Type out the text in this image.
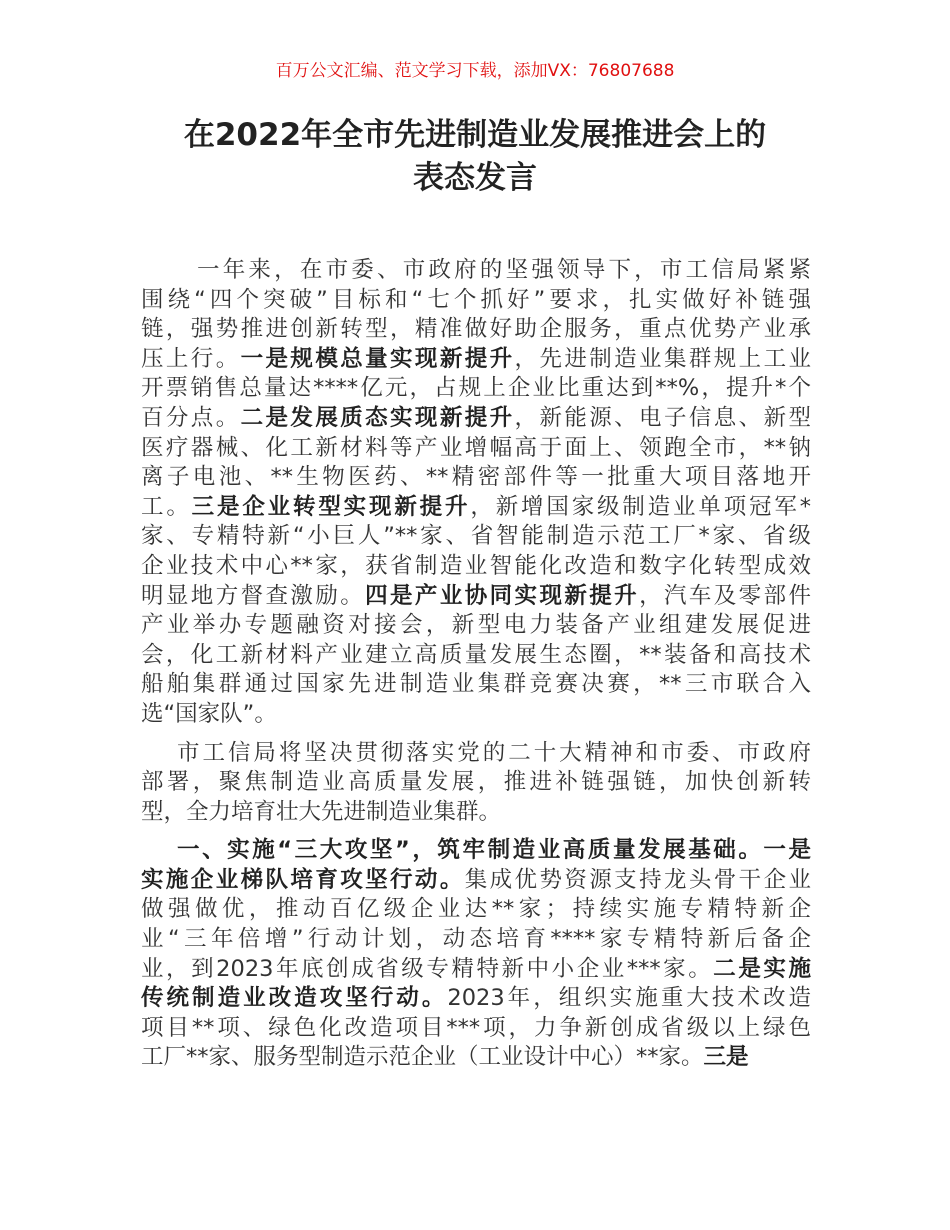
百万公文汇编、范文学习下载，添加VX：76807688
在2022年全市先进制造业发展推进会上的
表态发言
一年来，在市委、市政府的坚强领导下，市工信局紧紧
围绕“四个突破”目标和“七个抓好”要求，扎实做好补链强
链，强势推进创新转型，精准做好助企服务，重点优势产业承
压上行。一是规模总量实现新提升，先进制造业集群规上工业
开票销售总量达****亿元，占规上企业比重达到**%，提升*个
百分点。二是发展质态实现新提升，新能源、电子信息、新型
医疗器械、化工新材料等产业增幅高于面上、领跑全市，**钠
离子电池、**生物医药、**精密部件等一批重大项目落地开
工。三是企业转型实现新提升，新增国家级制造业单项冠军*
家、专精特新“小巨人”**家、省智能制造示范工厂*家、省级
企业技术中心**家，获省制造业智能化改造和数字化转型成效
明显地方督查激励。四是产业协同实现新提升，汽车及零部件
产业举办专题融资对接会，新型电力装备产业组建发展促进
会，化工新材料产业建立高质量发展生态圈，**装备和高技术
船舶集群通过国家先进制造业集群竞赛决赛，**三市联合入
选“国家队”。
市工信局将坚决贯彻落实党的二十大精神和市委、市政府
部署，聚焦制造业高质量发展，推进补链强链，加快创新转
型，全力培育壮大先进制造业集群。
一、实施“三大攻坚”，筑牢制造业高质量发展基础。一是
实施企业梯队培育攻坚行动。集成优势资源支持龙头骨干企业
做强做优，推动百亿级企业达**家；持续实施专精特新企
业“三年倍增”行动计划，动态培育****家专精特新后备企
业，到2023年底创成省级专精特新中小企业***家。二是实施
传统制造业改造攻坚行动。2023年，组织实施重大技术改造
项目**项、绿色化改造项目***项，力争新创成省级以上绿色
工厂**家、服务型制造示范企业（工业设计中心）**家。三是
